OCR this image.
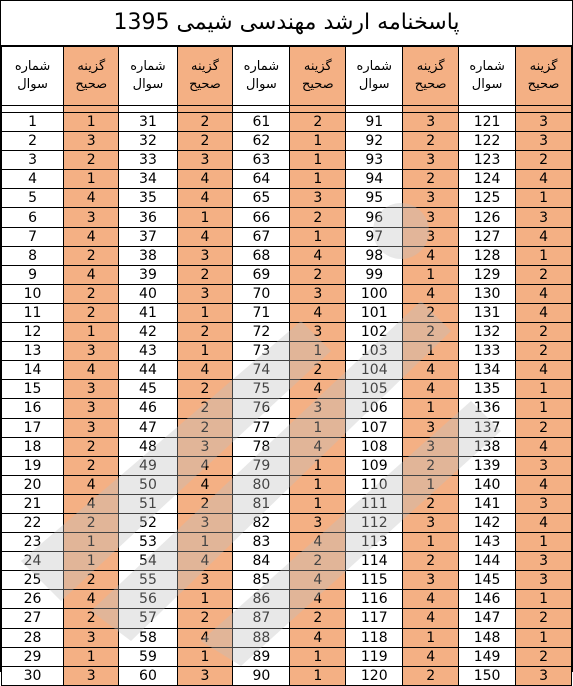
پاسخنامه ارشد مهندسی شیمی 1395
شماره سوال	گزینه صحیح	شماره سوال	گزینه صحیح	شماره سوال	گزینه صحیح	شماره سوال	گزینه صحیح	شماره سوال	گزینه صحیح

1	1	31	2	61	2	91	3	121	3
2	3	32	2	62	1	92	2	122	3
3	2	33	3	63	1	93	3	123	2
4	1	34	4	64	1	94	2	124	4
5	4	35	4	65	3	95	3	125	1
6	3	36	1	66	2	96	3	126	3
7	4	37	4	67	1	97	3	127	4
8	2	38	3	68	4	98	4	128	1
9	4	39	2	69	2	99	1	129	2
10	2	40	3	70	3	100	4	130	4
11	2	41	1	71	4	101	2	131	4
12	1	42	2	72	3	102	2	132	2
13	3	43	1	73	1	103	1	133	2
14	4	44	4	74	2	104	4	134	4
15	3	45	2	75	4	105	4	135	1
16	3	46	2	76	3	106	1	136	1
17	3	47	2	77	1	107	3	137	2
18	2	48	3	78	4	108	3	138	4
19	2	49	4	79	1	109	2	139	3
20	4	50	4	80	1	110	1	140	4
21	4	51	2	81	1	111	2	141	3
22	2	52	3	82	3	112	3	142	4
23	1	53	1	83	4	113	1	143	1
24	1	54	4	84	2	114	2	144	3
25	2	55	3	85	4	115	3	145	3
26	4	56	1	86	4	116	4	146	1
27	2	57	2	87	2	117	4	147	2
28	3	58	4	88	4	118	1	148	1
29	1	59	1	89	1	119	4	149	2
30	3	60	3	90	1	120	2	150	3
